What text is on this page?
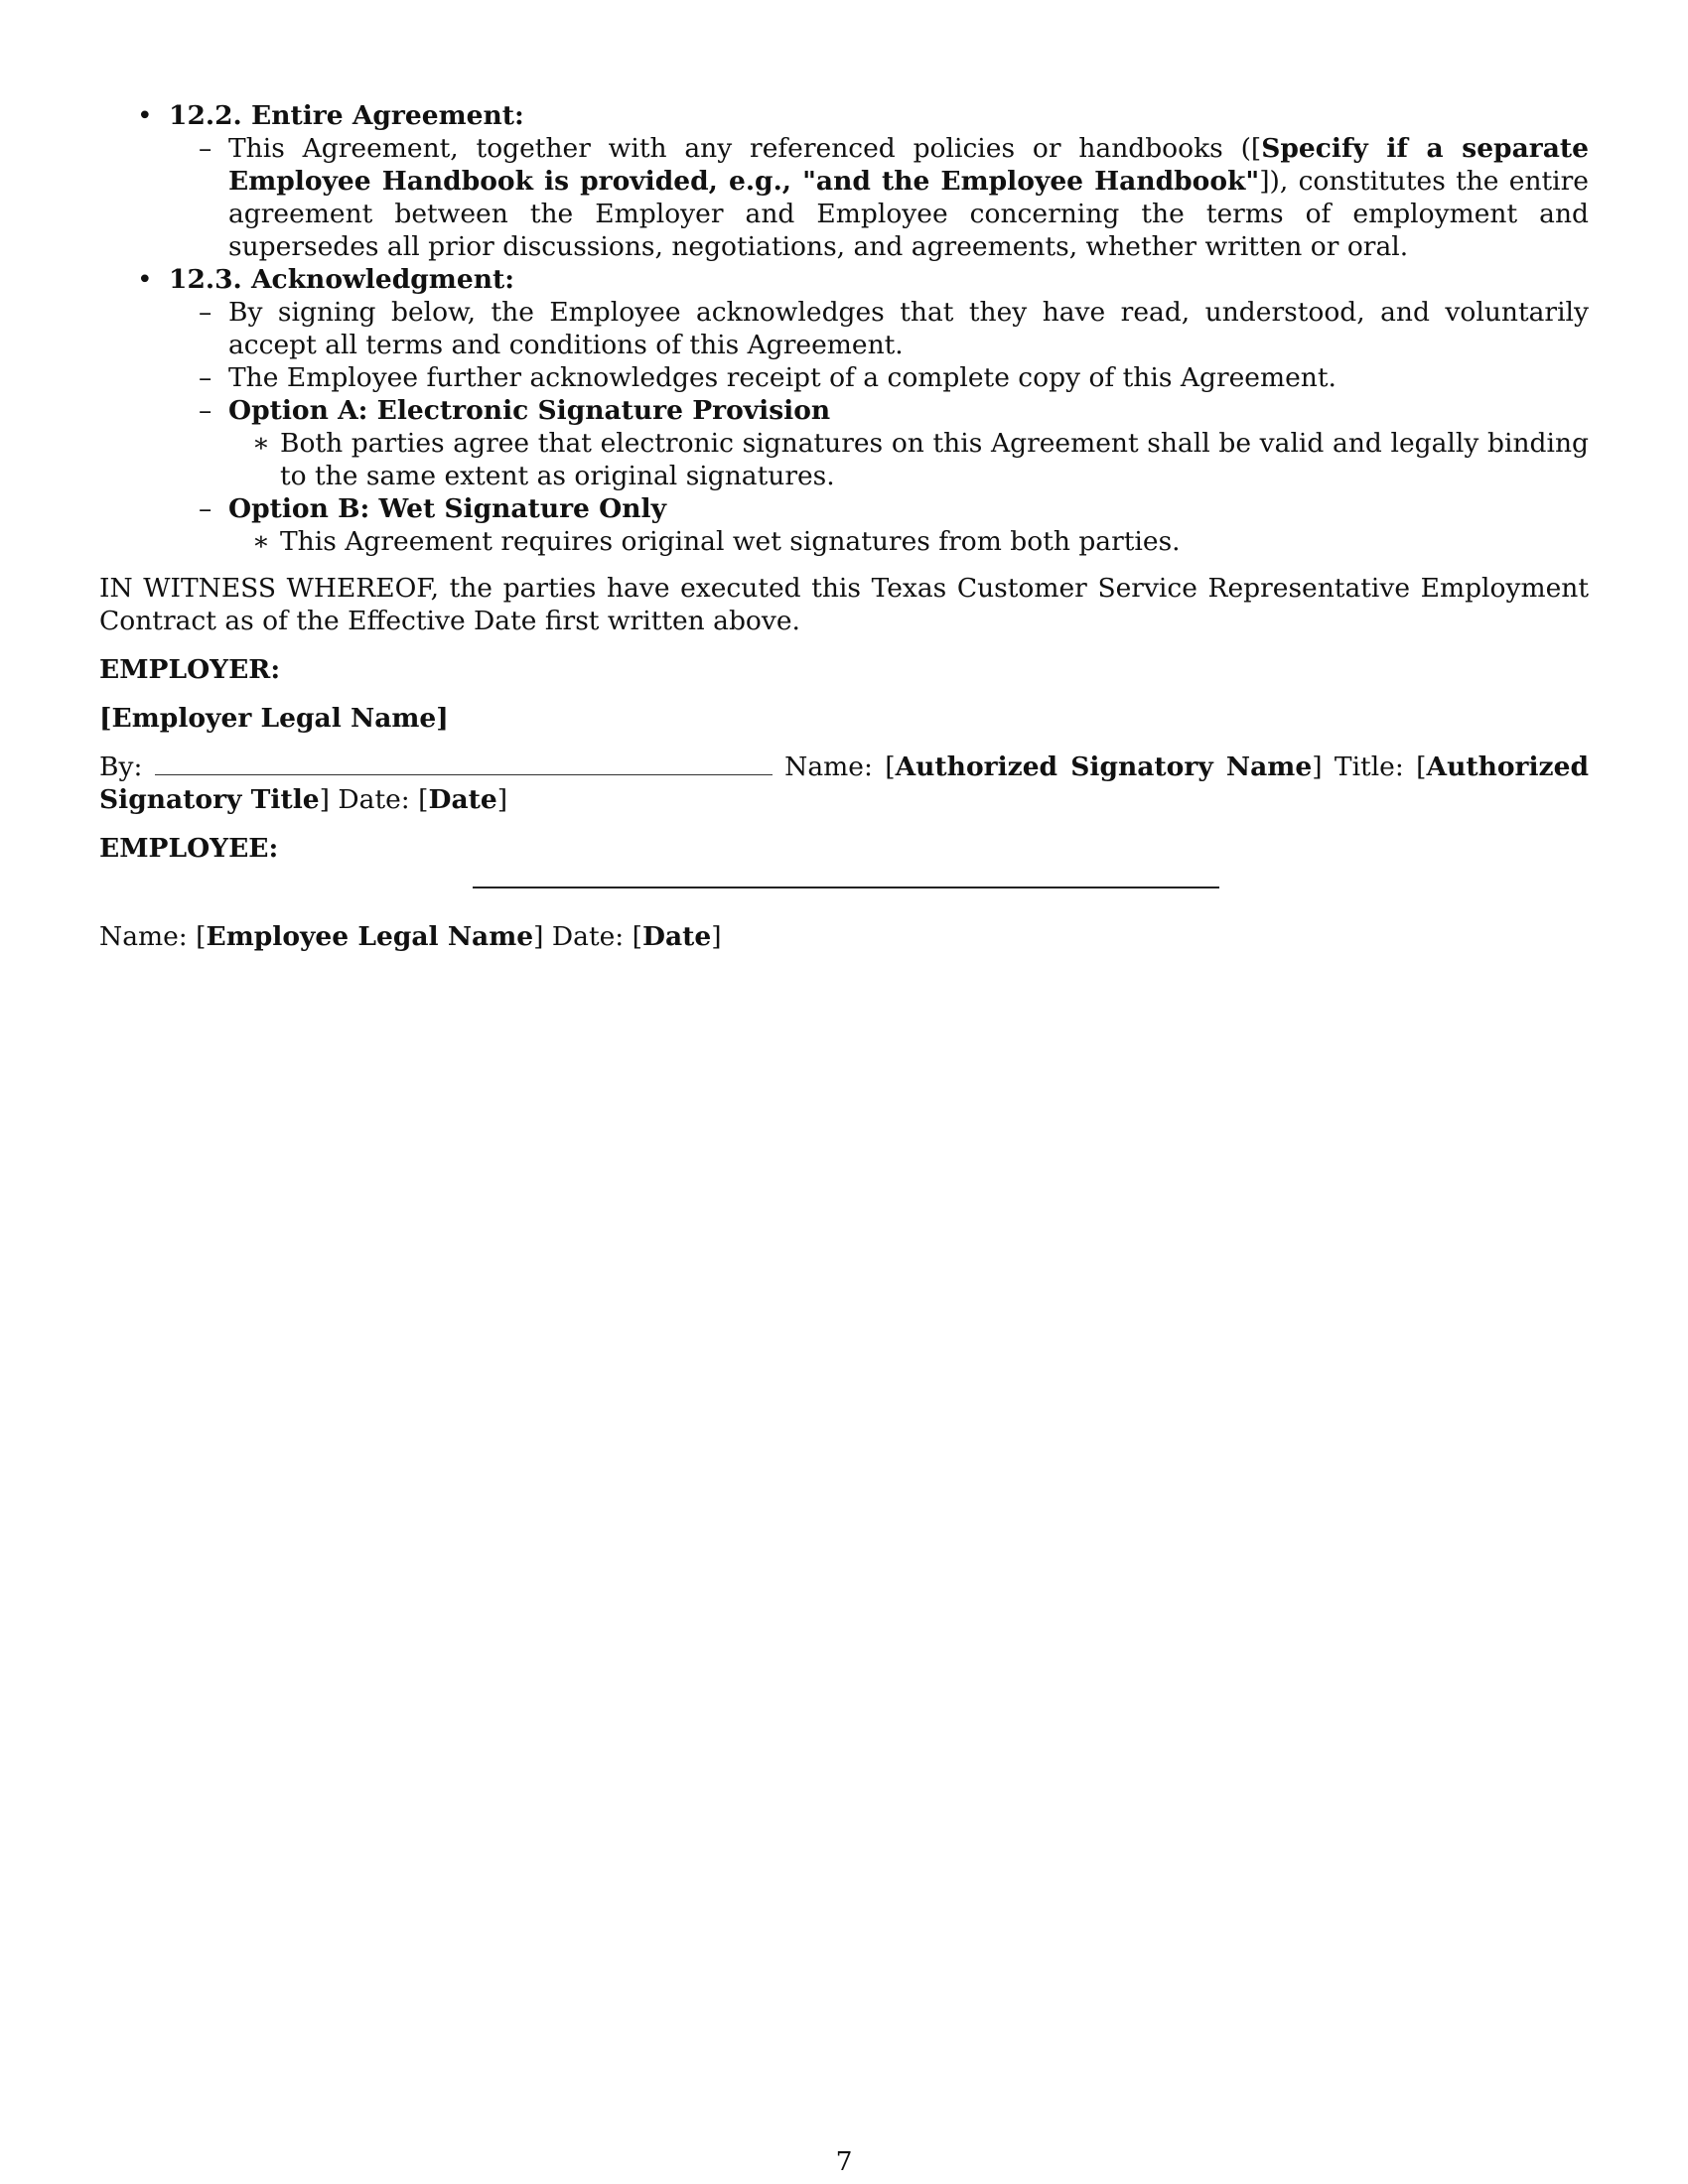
• 12.2. Entire Agreement:
– This Agreement, together with any referenced policies or handbooks ([Specify if a separate Employee Handbook is provided, e.g., "and the Employee Handbook"]), constitutes the entire agreement between the Employer and Employee concerning the terms of employment and supersedes all prior discussions, negotiations, and agreements, whether written or oral.
• 12.3. Acknowledgment:
– By signing below, the Employee acknowledges that they have read, understood, and voluntarily accept all terms and conditions of this Agreement.
– The Employee further acknowledges receipt of a complete copy of this Agreement.
– Option A: Electronic Signature Provision
∗ Both parties agree that electronic signatures on this Agreement shall be valid and legally binding to the same extent as original signatures.
– Option B: Wet Signature Only
∗ This Agreement requires original wet signatures from both parties.

IN WITNESS WHEREOF, the parties have executed this Texas Customer Service Representative Employment Contract as of the Effective Date first written above.

EMPLOYER:
[Employer Legal Name]

By:	Name: [Authorized Signatory Name] Title: [Authorized Signatory Title] Date: [Date]

EMPLOYEE:

Name: [Employee Legal Name] Date: [Date]

7
